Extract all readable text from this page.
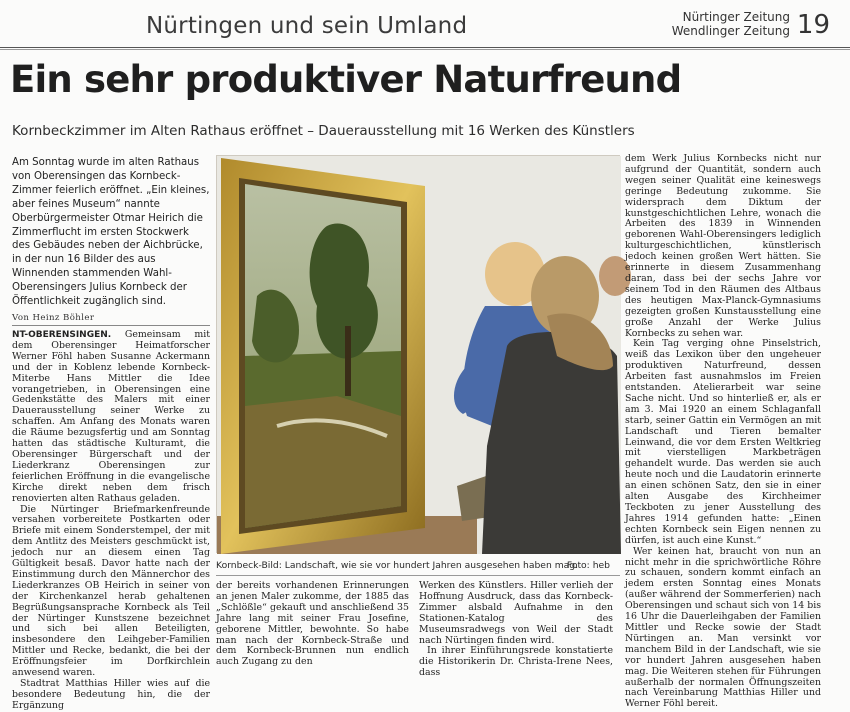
Nürtingen und sein Umland	Nürtinger Zeitung
Wendlinger Zeitung 19
Ein sehr produktiver Naturfreund
Kornbeckzimmer im Alten Rathaus eröffnet – Dauerausstellung mit 16 Werken des Künstlers
Am Sonntag wurde im alten Rathaus von Oberensingen das Kornbeck-Zimmer feierlich eröffnet. „Ein kleines, aber feines Museum“ nannte Oberbürgermeister Otmar Heirich die Zimmerflucht im ersten Stockwerk des Gebäudes neben der Aichbrücke, in der nun 16 Bilder des aus Winnenden stammenden Wahl-Oberensingers Julius Kornbeck der Öffentlichkeit zugänglich sind.
Von Heinz Böhler

NT-OBERENSINGEN. Gemeinsam mit dem Oberensinger Heimatforscher Werner Föhl haben Susanne Ackermann und der in Koblenz lebende Kornbeck-Miterbe Hans Mittler die Idee vorangetrieben, in Oberensingen eine Gedenkstätte des Malers mit einer Dauerausstellung seiner Werke zu schaffen. Am Anfang des Monats waren die Räume bezugsfertig und am Sonntag hatten das städtische Kulturamt, die Oberensinger Bürgerschaft und der Liederkranz Oberensingen zur feierlichen Eröffnung in die evangelische Kirche direkt neben dem frisch renovierten alten Rathaus geladen.

Die Nürtinger Briefmarkenfreunde versahen vorbereitete Postkarten oder Briefe mit einem Sonderstempel, der mit dem Antlitz des Meisters geschmückt ist, jedoch nur an diesem einen Tag Gültigkeit besaß. Davor hatte nach der Einstimmung durch den Männerchor des Liederkranzes OB Heirich in seiner von der Kirchenkanzel herab gehaltenen Begrüßungsansprache Kornbeck als Teil der Nürtinger Kunstszene bezeichnet und sich bei allen Beteiligten, insbesondere den Leihgeber-Familien Mittler und Recke, bedankt, die bei der Eröffnungsfeier im Dorfkirchlein anwesend waren.

Stadtrat Matthias Hiller wies auf die besondere Bedeutung hin, die der Ergänzung

Kornbeck-Bild: Landschaft, wie sie vor hundert Jahren ausgesehen haben mag.
Foto: heb

der bereits vorhandenen Erinnerungen an jenen Maler zukomme, der 1885 das „Schlößle“ gekauft und anschließend 35 Jahre lang mit seiner Frau Josefine, geborene Mittler, bewohnte. So habe man nach der Kornbeck-Straße und dem Kornbeck-Brunnen nun endlich auch Zugang zu den

Werken des Künstlers. Hiller verlieh der Hoffnung Ausdruck, dass das Kornbeck-Zimmer alsbald Aufnahme in den Stationen-Katalog des Museumsradwegs von Weil der Stadt nach Nürtingen finden wird.

In ihrer Einführungsrede konstatierte die Historikerin Dr. Christa-Irene Nees, dass

dem Werk Julius Kornbecks nicht nur aufgrund der Quantität, sondern auch wegen seiner Qualität eine keineswegs geringe Bedeutung zukomme. Sie widersprach dem Diktum der kunstgeschichtlichen Lehre, wonach die Arbeiten des 1839 in Winnenden geborenen Wahl-Oberensingers lediglich kulturgeschichtlichen, künstlerisch jedoch keinen großen Wert hätten. Sie erinnerte in diesem Zusammenhang daran, dass bei der sechs Jahre vor seinem Tod in den Räumen des Altbaus des heutigen Max-Planck-Gymnasiums gezeigten großen Kunstausstellung eine große Anzahl der Werke Julius Kornbecks zu sehen war.

Kein Tag verging ohne Pinselstrich, weiß das Lexikon über den ungeheuer produktiven Naturfreund, dessen Arbeiten fast ausnahmslos im Freien entstanden. Atelierarbeit war seine Sache nicht. Und so hinterließ er, als er am 3. Mai 1920 an einem Schlaganfall starb, seiner Gattin ein Vermögen an mit Landschaft und Tieren bemalter Leinwand, die vor dem Ersten Weltkrieg mit vierstelligen Markbeträgen gehandelt wurde. Das werden sie auch heute noch und die Laudatorin erinnerte an einen schönen Satz, den sie in einer alten Ausgabe des Kirchheimer Teckboten zu jener Ausstellung des Jahres 1914 gefunden hatte: „Einen echten Kornbeck sein Eigen nennen zu dürfen, ist auch eine Kunst.“

Wer keinen hat, braucht von nun an nicht mehr in die sprichwörtliche Röhre zu schauen, sondern kommt einfach an jedem ersten Sonntag eines Monats (außer während der Sommerferien) nach Oberensingen und schaut sich von 14 bis 16 Uhr die Dauerleihgaben der Familien Mittler und Recke sowie der Stadt Nürtingen an. Man versinkt vor manchem Bild in der Landschaft, wie sie vor hundert Jahren ausgesehen haben mag. Die Weiteren stehen für Führungen außerhalb der normalen Öffnungszeiten nach Vereinbarung Matthias Hiller und Werner Föhl bereit.
